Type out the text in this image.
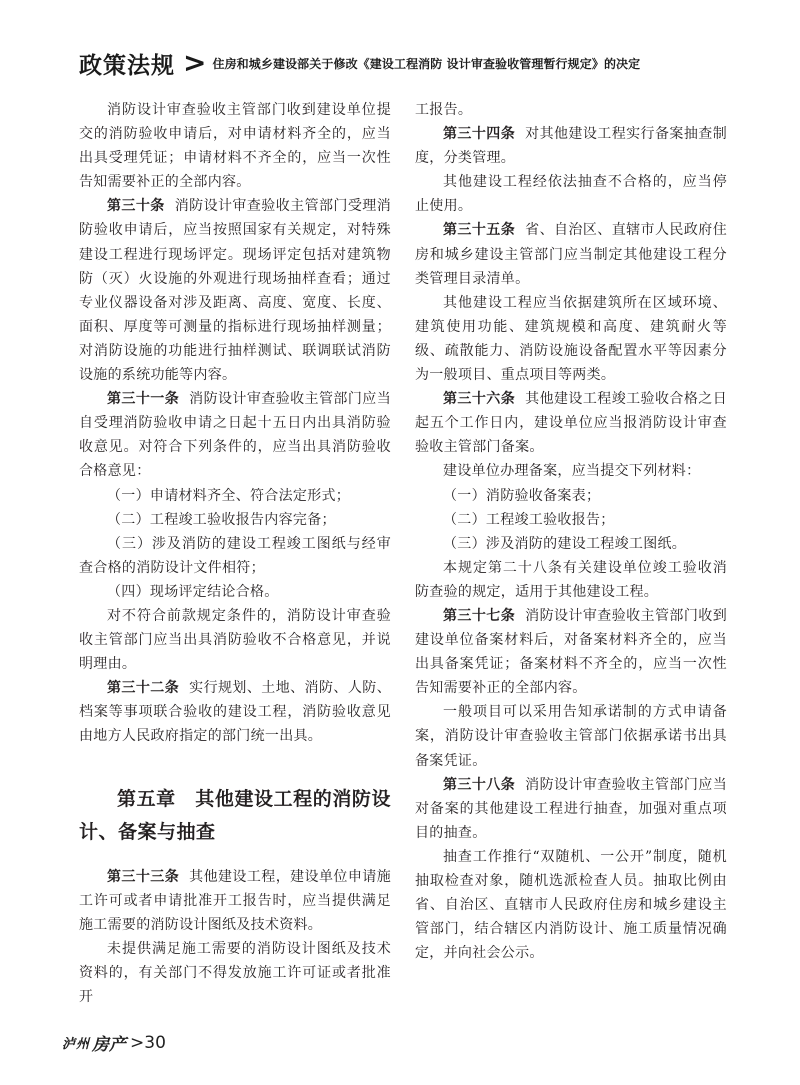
政策法规 > 住房和城乡建设部关于修改《建设工程消防 设计审查验收管理暂行规定》的决定

消防设计审查验收主管部门收到建设单位提交的消防验收申请后，对申请材料齐全的，应当出具受理凭证；申请材料不齐全的，应当一次性告知需要补正的全部内容。

第三十条 消防设计审查验收主管部门受理消防验收申请后，应当按照国家有关规定，对特殊建设工程进行现场评定。现场评定包括对建筑物防（灭）火设施的外观进行现场抽样查看；通过专业仪器设备对涉及距离、高度、宽度、长度、面积、厚度等可测量的指标进行现场抽样测量；对消防设施的功能进行抽样测试、联调联试消防设施的系统功能等内容。

第三十一条 消防设计审查验收主管部门应当自受理消防验收申请之日起十五日内出具消防验收意见。对符合下列条件的，应当出具消防验收合格意见：

（一）申请材料齐全、符合法定形式；

（二）工程竣工验收报告内容完备；

（三）涉及消防的建设工程竣工图纸与经审查合格的消防设计文件相符；

（四）现场评定结论合格。

对不符合前款规定条件的，消防设计审查验收主管部门应当出具消防验收不合格意见，并说明理由。

第三十二条 实行规划、土地、消防、人防、档案等事项联合验收的建设工程，消防验收意见由地方人民政府指定的部门统一出具。

第五章　其他建设工程的消防设计、备案与抽查

第三十三条 其他建设工程，建设单位申请施工许可或者申请批准开工报告时，应当提供满足施工需要的消防设计图纸及技术资料。

未提供满足施工需要的消防设计图纸及技术资料的，有关部门不得发放施工许可证或者批准开

工报告。

第三十四条 对其他建设工程实行备案抽查制度，分类管理。

其他建设工程经依法抽查不合格的，应当停止使用。

第三十五条 省、自治区、直辖市人民政府住房和城乡建设主管部门应当制定其他建设工程分类管理目录清单。

其他建设工程应当依据建筑所在区域环境、建筑使用功能、建筑规模和高度、建筑耐火等级、疏散能力、消防设施设备配置水平等因素分为一般项目、重点项目等两类。

第三十六条 其他建设工程竣工验收合格之日起五个工作日内，建设单位应当报消防设计审查验收主管部门备案。

建设单位办理备案，应当提交下列材料：

（一）消防验收备案表；

（二）工程竣工验收报告；

（三）涉及消防的建设工程竣工图纸。

本规定第二十八条有关建设单位竣工验收消防查验的规定，适用于其他建设工程。

第三十七条 消防设计审查验收主管部门收到建设单位备案材料后，对备案材料齐全的，应当出具备案凭证；备案材料不齐全的，应当一次性告知需要补正的全部内容。

一般项目可以采用告知承诺制的方式申请备案，消防设计审查验收主管部门依据承诺书出具备案凭证。

第三十八条 消防设计审查验收主管部门应当对备案的其他建设工程进行抽查，加强对重点项目的抽查。

抽查工作推行“双随机、一公开”制度，随机抽取检查对象，随机选派检查人员。抽取比例由省、自治区、直辖市人民政府住房和城乡建设主管部门，结合辖区内消防设计、施工质量情况确定，并向社会公示。

泸州 房产 >30
